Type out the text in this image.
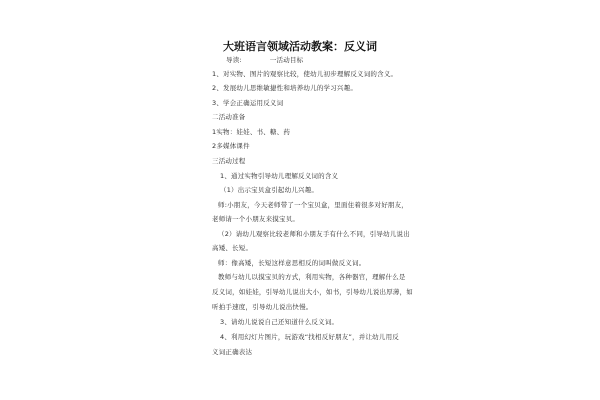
大班语言领域活动教案：反义词
导读:	一活动目标
1、对实物、图片的观察比较，使幼儿初步理解反义词的含义。
2、发展幼儿思维敏捷性和培养幼儿的学习兴趣。
3、学会正确运用反义词
二活动准备
1实物：娃娃、书、糖、药
2多媒体课件
三活动过程
1、通过实物引导幼儿理解反义词的含义
（1）出示宝贝盒引起幼儿兴趣。
师:小朋友，今天老师带了一个宝贝盒，里面住着很多对好朋友，
老师请一个小朋友来摸宝贝。
（2）请幼儿观察比较老师和小朋友手有什么不同，引导幼儿说出
高矮、长短。
师：像高矮，长短这样意思相反的词叫做反义词。
教师与幼儿以摸宝贝的方式，利用实物，各种器官，理解什么是
反义词，如娃娃，引导幼儿说出大小，如书，引导幼儿说出厚薄，如
听拍手速度，引导幼儿说出快慢。
3、请幼儿说说自己还知道什么反义词。
4、利用幻灯片图片，玩游戏“找相反好朋友”，并让幼儿用反
义词正确表达
